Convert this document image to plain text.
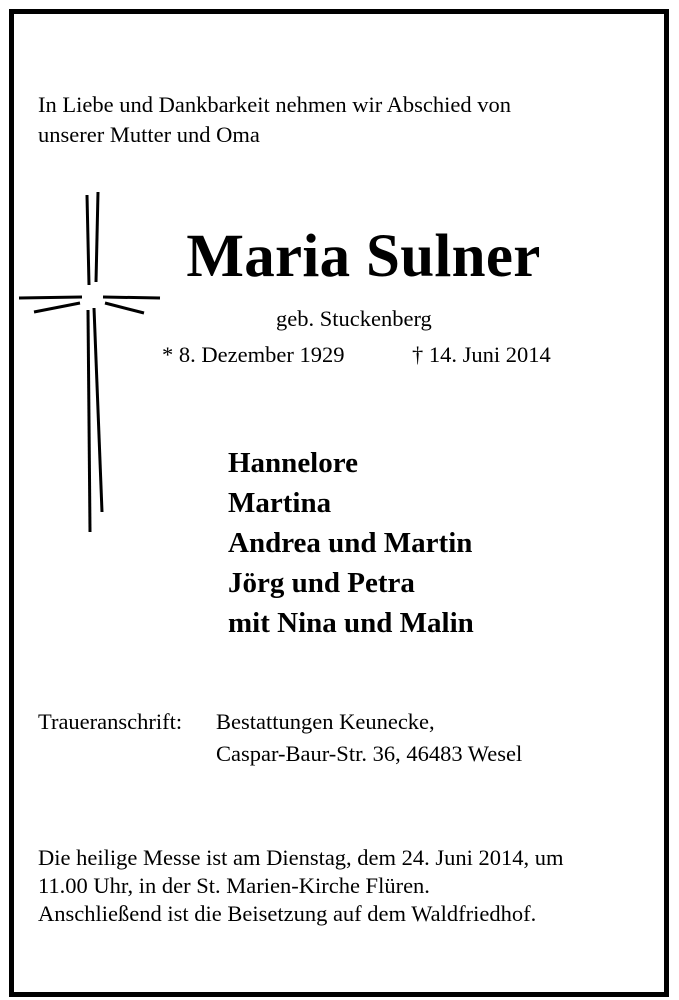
In Liebe und Dankbarkeit nehmen wir Abschied von
unserer Mutter und Oma
Maria Sulner
geb. Stuckenberg
* 8. Dezember 1929	† 14. Juni 2014
Hannelore
Martina
Andrea und Martin
Jörg und Petra
mit Nina und Malin
Traueranschrift: Bestattungen Keunecke,
Caspar-Baur-Str. 36, 46483 Wesel
Die heilige Messe ist am Dienstag, dem 24. Juni 2014, um
11.00 Uhr, in der St. Marien-Kirche Flüren.
Anschließend ist die Beisetzung auf dem Waldfriedhof.
